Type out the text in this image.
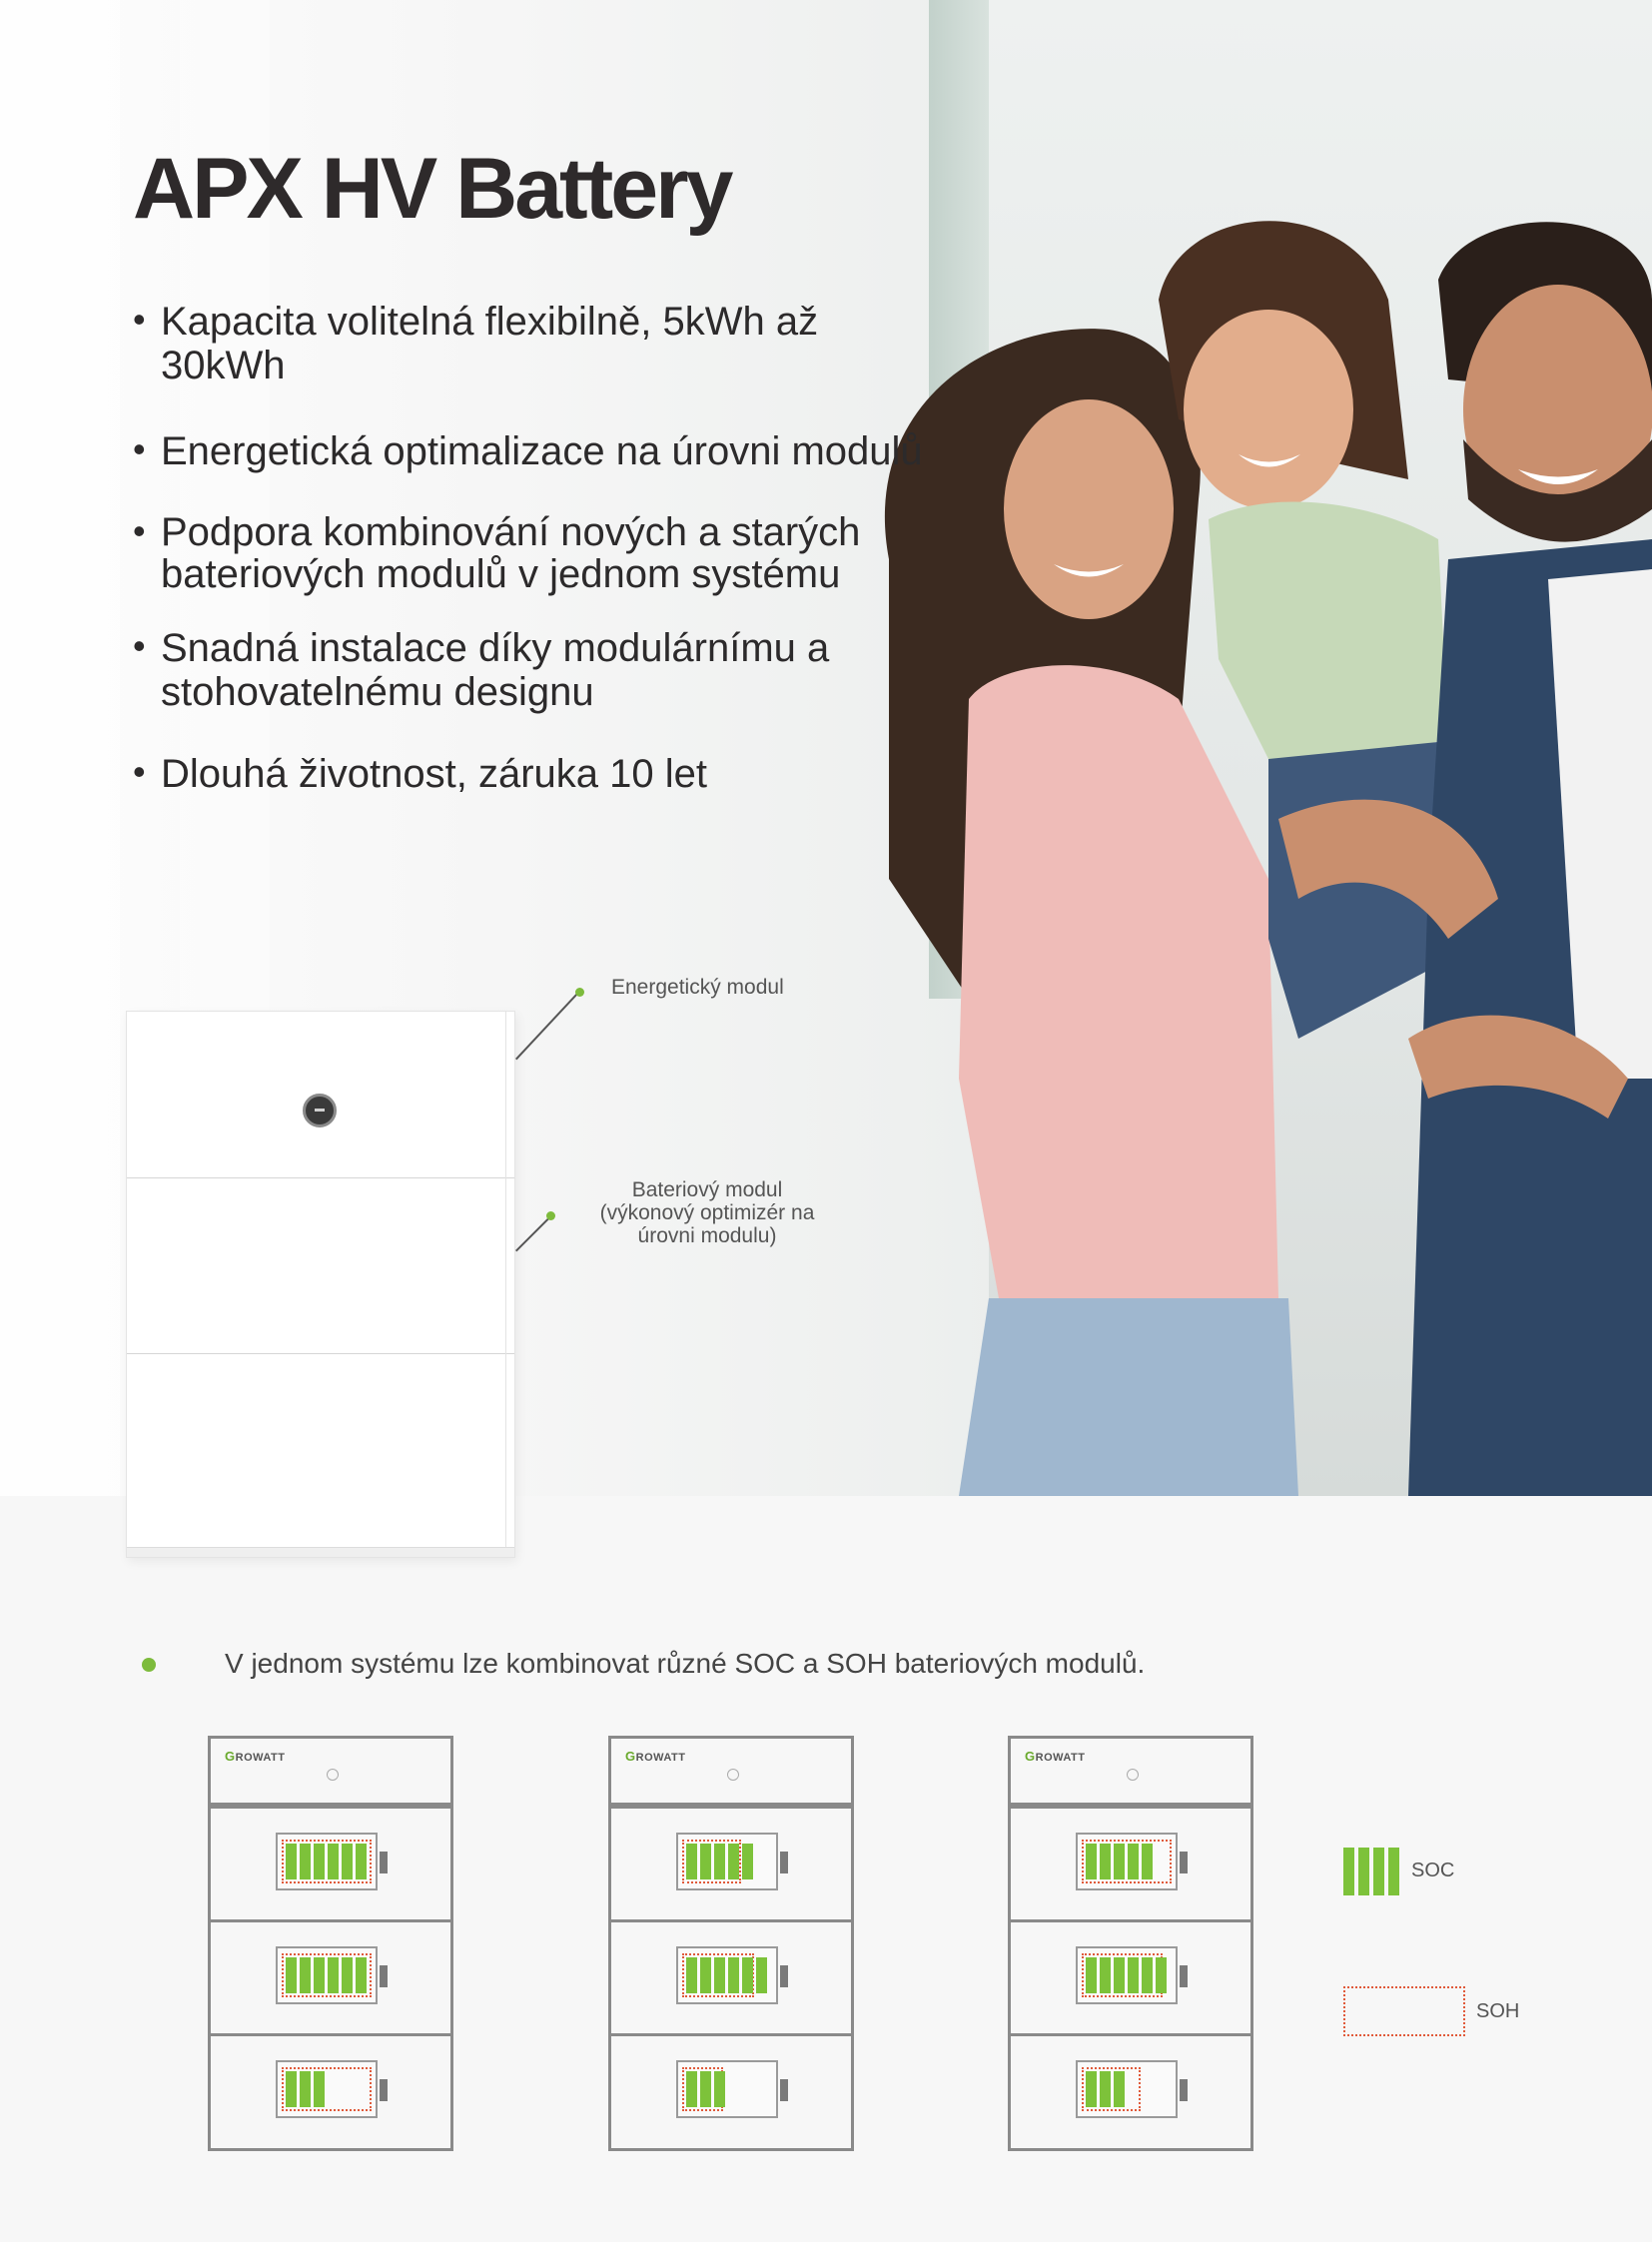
APX HV Battery
• Kapacita volitelná flexibilně, 5kWh až 30kWh
• Energetická optimalizace na úrovni modulů
• Podpora kombinování nových a starých bateriových modulů v jednom systému
• Snadná instalace díky modulárnímu a stohovatelnému designu
• Dlouhá životnost, záruka 10 let
Energetický modul
Bateriový modul
(výkonový optimizér na
úrovni modulu)
V jednom systému lze kombinovat různé SOC a SOH bateriových modulů.
GROWATT	GROWATT	GROWATT
SOC
SOH
